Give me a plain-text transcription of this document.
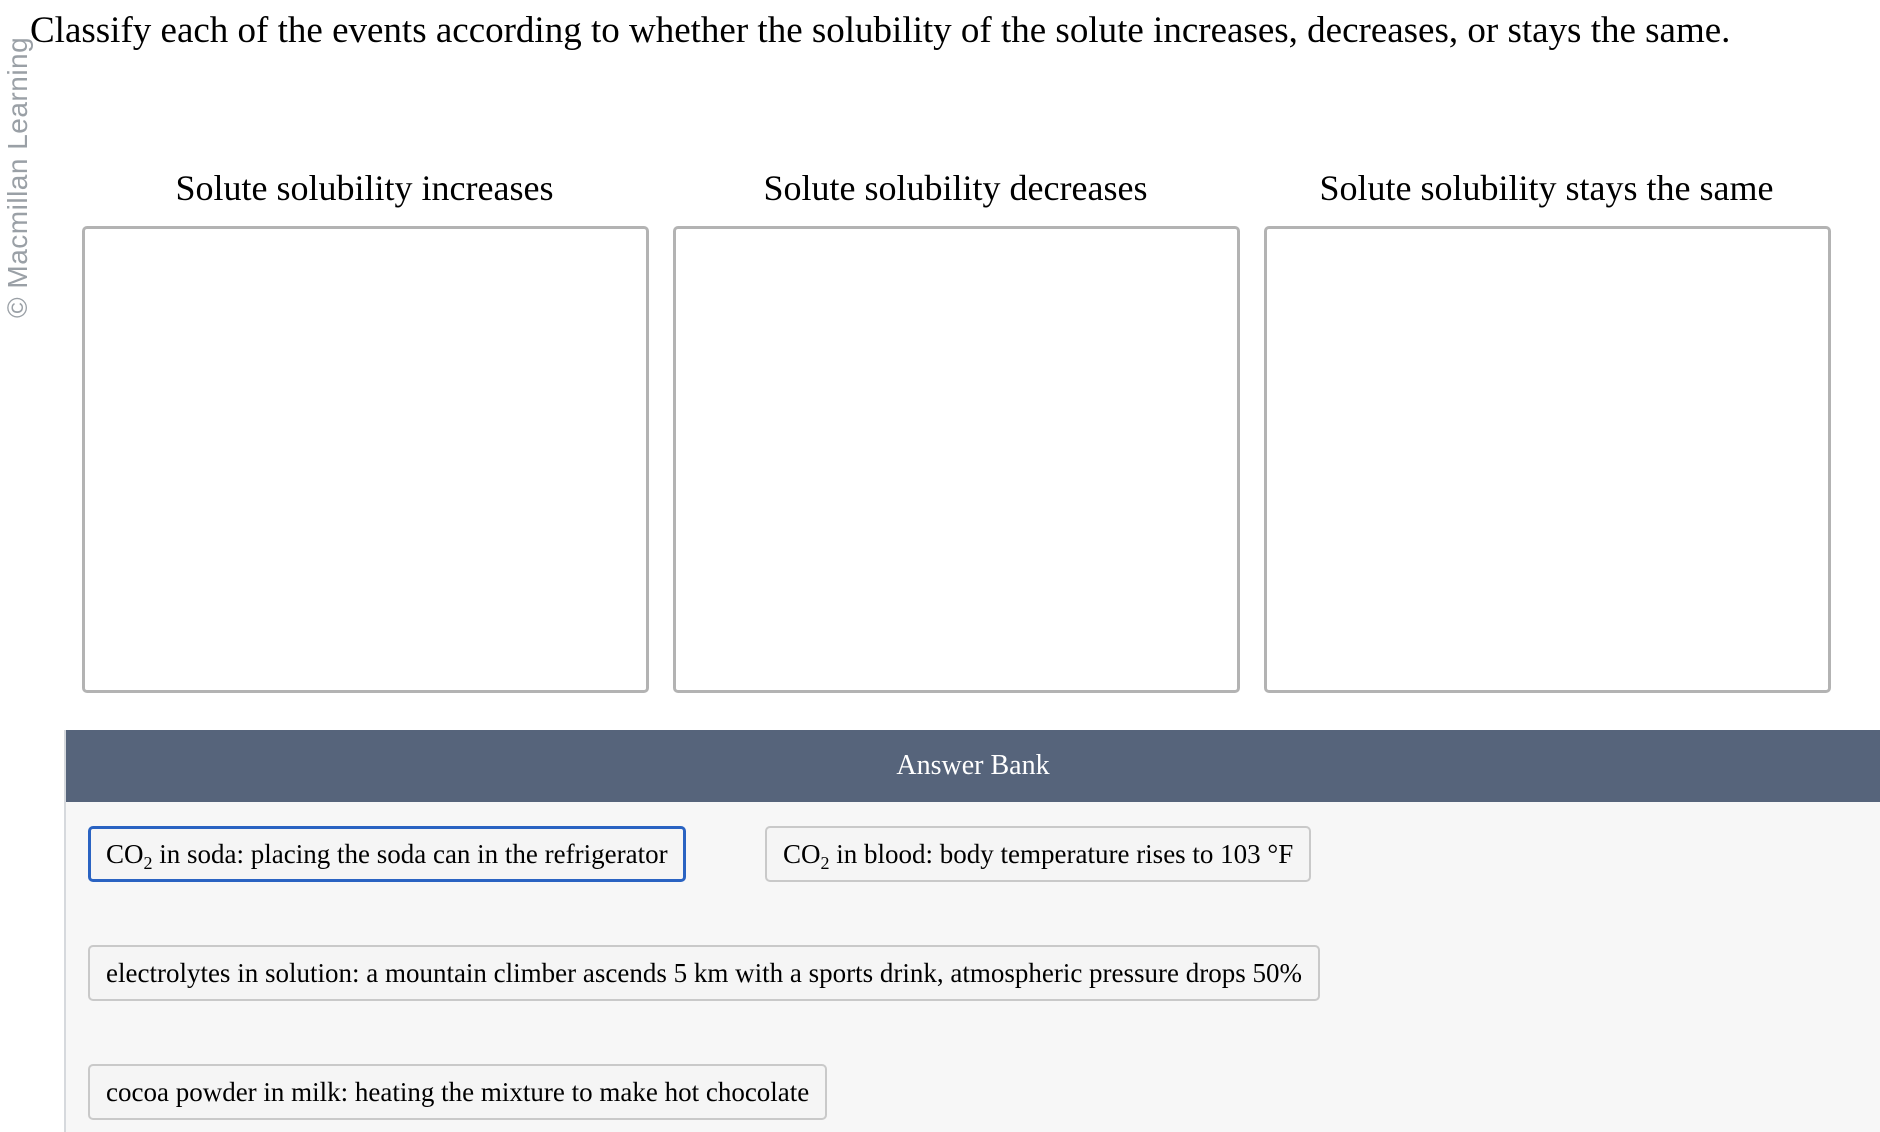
© Macmillan Learning
Classify each of the events according to whether the solubility of the solute increases, decreases, or stays the same.
Solute solubility increases	Solute solubility decreases	Solute solubility stays the same
Answer Bank
$CO_2$ in soda: placing the soda can in the refrigerator	$CO_2$ in blood: body temperature rises to 103 °F
electrolytes in solution: a mountain climber ascends 5 km with a sports drink, atmospheric pressure drops 50%
cocoa powder in milk: heating the mixture to make hot chocolate
